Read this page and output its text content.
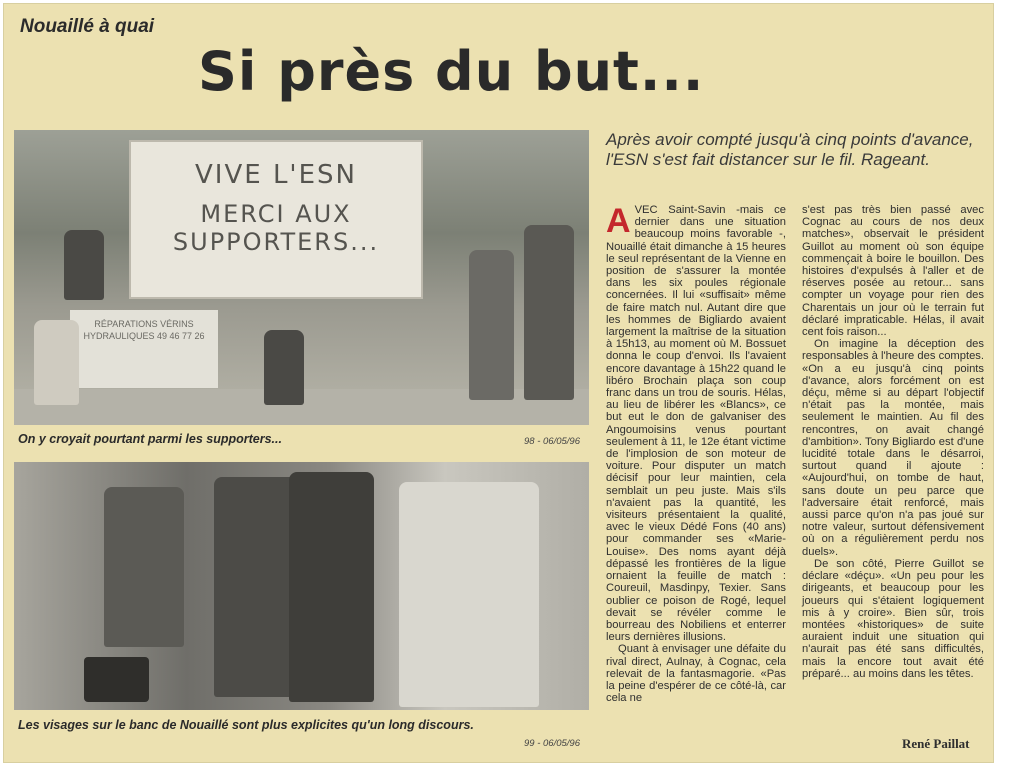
Nouaillé à quai
Si près du but...
Après avoir compté jusqu'à cinq points d'avance, l'ESN s'est fait distancer sur le fil. Rageant.
VIVE L'ESN
MERCI AUX
SUPPORTERS...
RÉPARATIONS VÉRINS HYDRAULIQUES 49 46 77 26
On y croyait pourtant parmi les supporters...	98 - 06/05/96
Les visages sur le banc de Nouaillé sont plus explicites qu'un long discours.
99 - 06/05/96
A VEC Saint-Savin -mais ce dernier dans une situation beaucoup moins favorable -, Nouaillé était dimanche à 15 heures le seul représentant de la Vienne en position de s'assurer la montée dans les six poules régionale concernées. Il lui «suffisait» même de faire match nul. Autant dire que les hommes de Bigliardo avaient largement la maîtrise de la situation à 15h13, au moment où M. Bossuet donna le coup d'envoi. Ils l'avaient encore davantage à 15h22 quand le libéro Brochain plaça son coup franc dans un trou de souris. Hélas, au lieu de libérer les «Blancs», ce but eut le don de galvaniser des Angoumoisins venus pourtant seulement à 11, le 12e étant victime de l'implosion de son moteur de voiture. Pour disputer un match décisif pour leur maintien, cela semblait un peu juste. Mais s'ils n'avaient pas la quantité, les visiteurs présentaient la qualité, avec le vieux Dédé Fons (40 ans) pour commander ses «Marie-Louise». Des noms ayant déjà dépassé les frontières de la ligue ornaient la feuille de match : Coureuil, Masdinpy, Texier. Sans oublier ce poison de Rogé, lequel devait se révéler comme le bourreau des Nobiliens et enterrer leurs dernières illusions.

Quant à envisager une défaite du rival direct, Aulnay, à Cognac, cela relevait de la fantasmagorie. «Pas la peine d'espérer de ce côté-là, car cela ne

s'est pas très bien passé avec Cognac au cours de nos deux matches», observait le président Guillot au moment où son équipe commençait à boire le bouillon. Des histoires d'expulsés à l'aller et de réserves posée au retour... sans compter un voyage pour rien des Charentais un jour où le terrain fut déclaré impraticable. Hélas, il avait cent fois raison...

On imagine la déception des responsables à l'heure des comptes. «On a eu jusqu'à cinq points d'avance, alors forcément on est déçu, même si au départ l'objectif n'était pas la montée, mais seulement le maintien. Au fil des rencontres, on avait changé d'ambition». Tony Bigliardo est d'une lucidité totale dans le désarroi, surtout quand il ajoute : «Aujourd'hui, on tombe de haut, sans doute un peu parce que l'adversaire était renforcé, mais aussi parce qu'on n'a pas joué sur notre valeur, surtout défensivement où on a régulièrement perdu nos duels».

De son côté, Pierre Guillot se déclare «déçu». «Un peu pour les dirigeants, et beaucoup pour les joueurs qui s'étaient logiquement mis à y croire». Bien sûr, trois montées «historiques» de suite auraient induit une situation qui n'aurait pas été sans difficultés, mais la encore tout avait été préparé... au moins dans les têtes.

René Paillat
